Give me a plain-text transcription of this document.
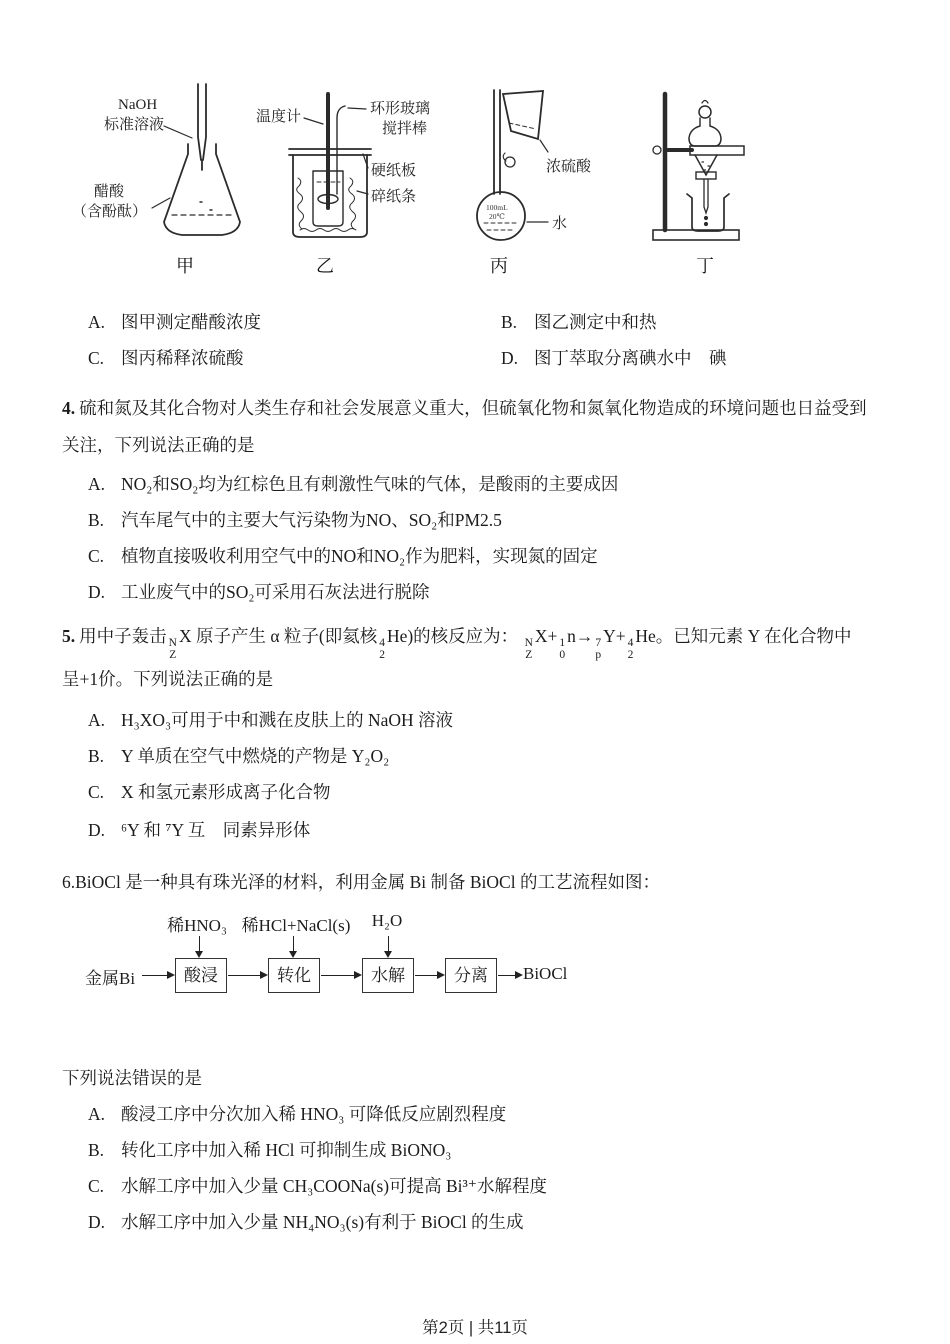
NaOH
标准溶液
醋酸
（含酚酞）
甲
温度计	环形玻璃
搅拌棒
硬纸板
碎纸条
乙
100mL
20℃
浓硫酸
水
丙	丁
A. 图甲测定醋酸浓度	B. 图乙测定中和热
C. 图丙稀释浓硫酸	D. 图丁萃取分离碘水中　碘
4. 硫和氮及其化合物对人类生存和社会发展意义重大，但硫氧化物和氮氧化物造成的环境问题也日益受到
关注，下列说法正确的是
A. NO₂和SO₂均为红棕色且有刺激性气味的气体，是酸雨的主要成因
B. 汽车尾气中的主要大气污染物为NO、SO₂和PM2.5
C. 植物直接吸收利用空气中的NO和NO₂作为肥料，实现氮的固定
D. 工业废气中的SO₂可采用石灰法进行脱除
5. 用中子轰击 N
Z
X 原子产生 α 粒子(即氦核 4
2
He)的核反应为： N
Z
X+ 1
0
n→ 7
p
Y+ 4
2
He。已知元素 Y 在化合物中
呈+1价。下列说法正确的是
A. H₃XO₃可用于中和溅在皮肤上的 NaOH 溶液
B. Y 单质在空气中燃烧的产物是 Y₂O₂
C. X 和氢元素形成离子化合物
D. ⁶Y 和 ⁷Y 互　同素异形体
6.BiOCl 是一种具有珠光泽的材料，利用金属 Bi 制备 BiOCl 的工艺流程如图：
稀HNO₃ 稀HCl+NaCl(s) H₂O
金属Bi	酸浸	转化	水解	分离	BiOCl
下列说法错误的是
A. 酸浸工序中分次加入稀 HNO₃ 可降低反应剧烈程度
B. 转化工序中加入稀 HCl 可抑制生成 BiONO₃
C. 水解工序中加入少量 CH₃COONa(s)可提高 Bi³⁺水解程度
D. 水解工序中加入少量 NH₄NO₃(s)有利于 BiOCl 的生成
第2页 | 共11页
